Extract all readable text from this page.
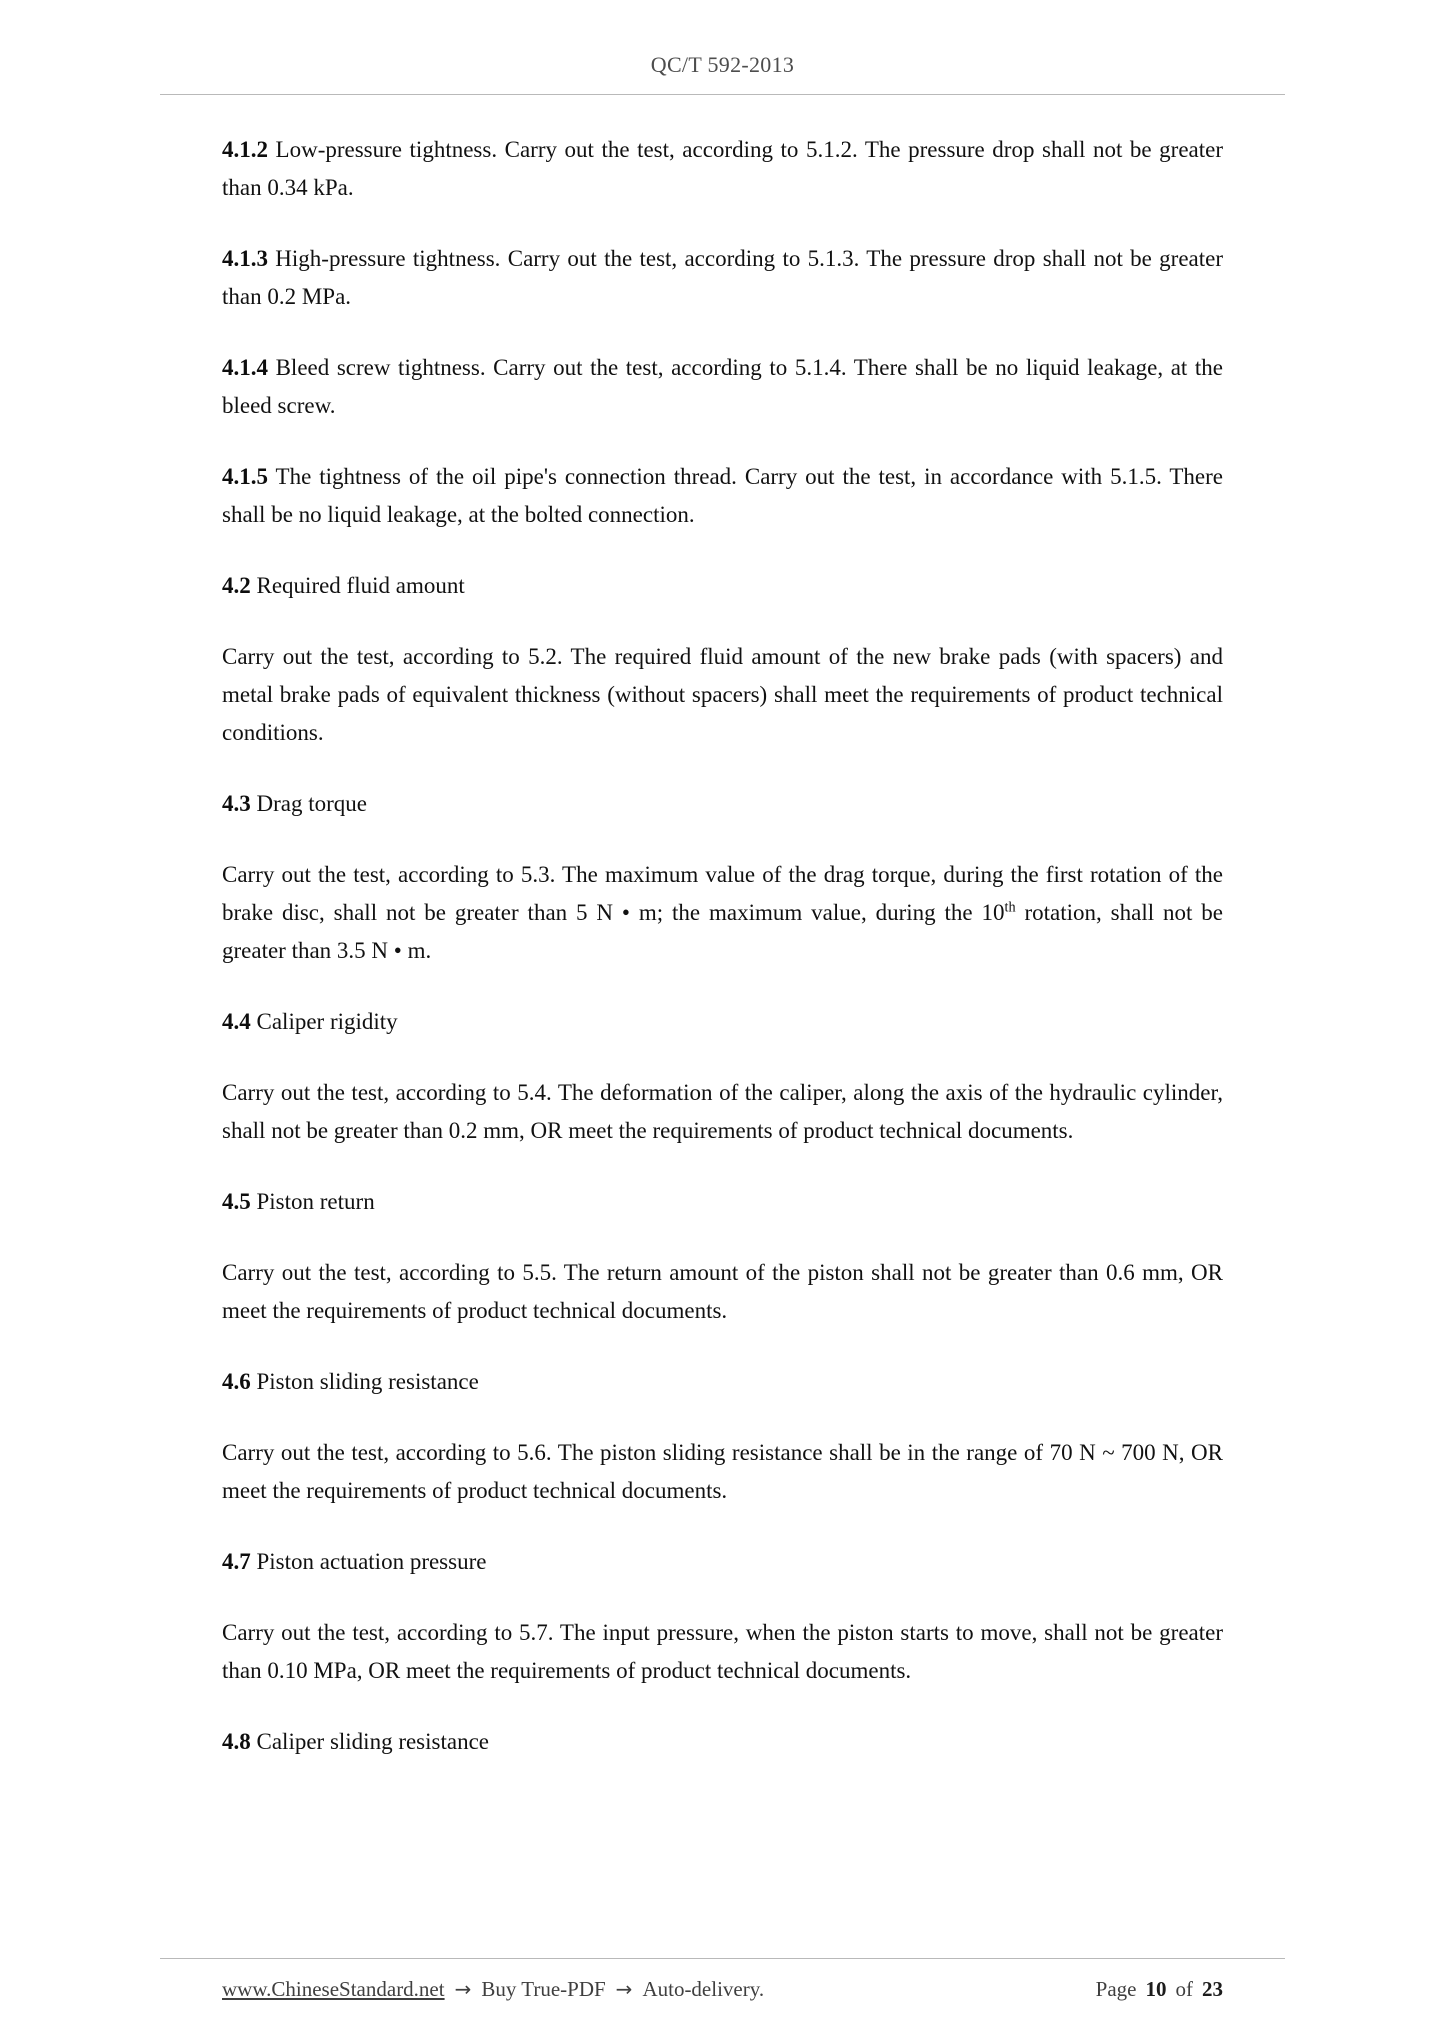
QC/T 592-2013

4.1.2 Low-pressure tightness. Carry out the test, according to 5.1.2. The pressure drop shall not be greater than 0.34 kPa.

4.1.3 High-pressure tightness. Carry out the test, according to 5.1.3. The pressure drop shall not be greater than 0.2 MPa.

4.1.4 Bleed screw tightness. Carry out the test, according to 5.1.4. There shall be no liquid leakage, at the bleed screw.

4.1.5 The tightness of the oil pipe's connection thread. Carry out the test, in accordance with 5.1.5. There shall be no liquid leakage, at the bolted connection.

4.2 Required fluid amount

Carry out the test, according to 5.2. The required fluid amount of the new brake pads (with spacers) and metal brake pads of equivalent thickness (without spacers) shall meet the requirements of product technical conditions.

4.3 Drag torque

Carry out the test, according to 5.3. The maximum value of the drag torque, during the first rotation of the brake disc, shall not be greater than 5 N • m; the maximum value, during the 10th rotation, shall not be greater than 3.5 N • m.

4.4 Caliper rigidity

Carry out the test, according to 5.4. The deformation of the caliper, along the axis of the hydraulic cylinder, shall not be greater than 0.2 mm, OR meet the requirements of product technical documents.

4.5 Piston return

Carry out the test, according to 5.5. The return amount of the piston shall not be greater than 0.6 mm, OR meet the requirements of product technical documents.

4.6 Piston sliding resistance

Carry out the test, according to 5.6. The piston sliding resistance shall be in the range of 70 N ~ 700 N, OR meet the requirements of product technical documents.

4.7 Piston actuation pressure

Carry out the test, according to 5.7. The input pressure, when the piston starts to move, shall not be greater than 0.10 MPa, OR meet the requirements of product technical documents.

4.8 Caliper sliding resistance

www.ChineseStandard.net → Buy True-PDF → Auto-delivery.	Page 10 of 23
